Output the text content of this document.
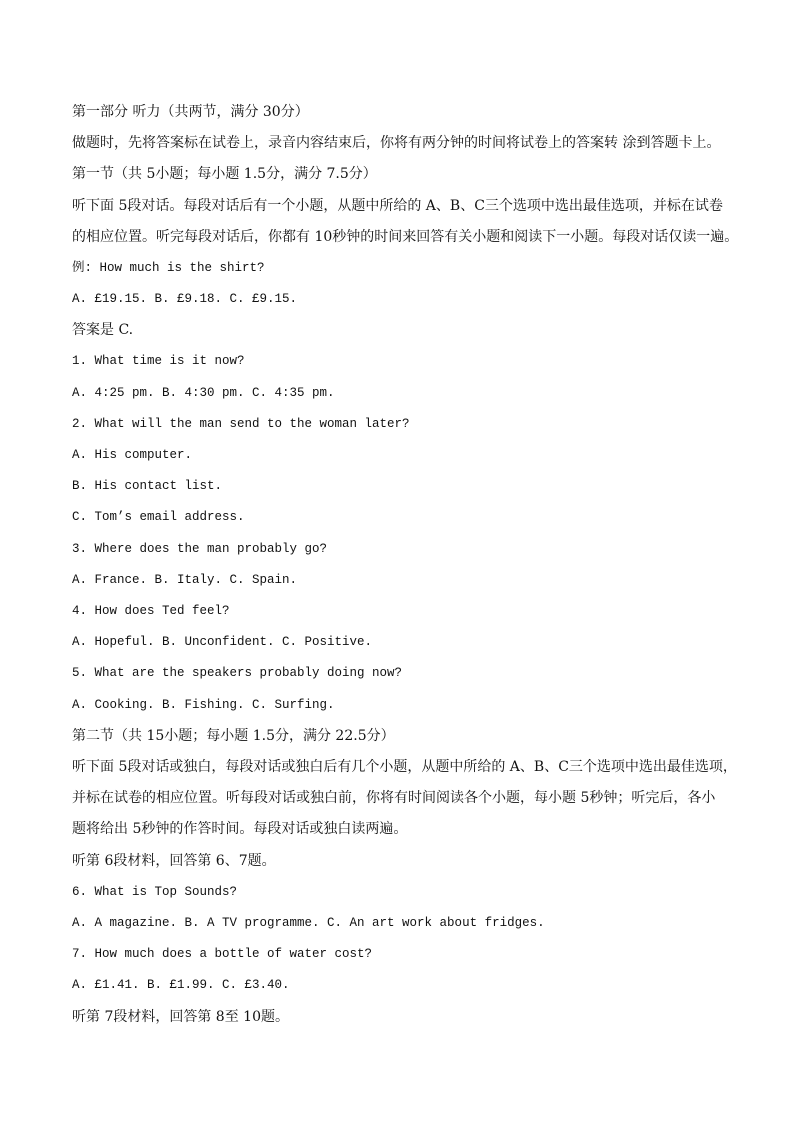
第一部分 听力（共两节，满分 30分）
做题时，先将答案标在试卷上，录音内容结束后，你将有两分钟的时间将试卷上的答案转 涂到答题卡上。
第一节（共 5小题；每小题 1.5分，满分 7.5分）
听下面 5段对话。每段对话后有一个小题，从题中所给的 A、B、C三个选项中选出最佳选项，并标在试卷
的相应位置。听完每段对话后，你都有 10秒钟的时间来回答有关小题和阅读下一小题。每段对话仅读一遍。
例: How much is the shirt?
A. £19.15. B. £9.18. C. £9.15.
答案是 C.
1. What time is it now?
A. 4:25 pm. B. 4:30 pm. C. 4:35 pm.
2. What will the man send to the woman later?
A. His computer.
B. His contact list.
C. Tom’s email address.
3. Where does the man probably go?
A. France. B. Italy. C. Spain.
4. How does Ted feel?
A. Hopeful. B. Unconfident. C. Positive.
5. What are the speakers probably doing now?
A. Cooking. B. Fishing. C. Surfing.
第二节（共 15小题；每小题 1.5分，满分 22.5分）
听下面 5段对话或独白，每段对话或独白后有几个小题，从题中所给的 A、B、C三个选项中选出最佳选项，
并标在试卷的相应位置。听每段对话或独白前，你将有时间阅读各个小题，每小题 5秒钟；听完后，各小
题将给出 5秒钟的作答时间。每段对话或独白读两遍。
听第 6段材料，回答第 6、7题。
6. What is Top Sounds?
A. A magazine. B. A TV programme. C. An art work about fridges.
7. How much does a bottle of water cost?
A. £1.41. B. £1.99. C. £3.40.
听第 7段材料，回答第 8至 10题。
